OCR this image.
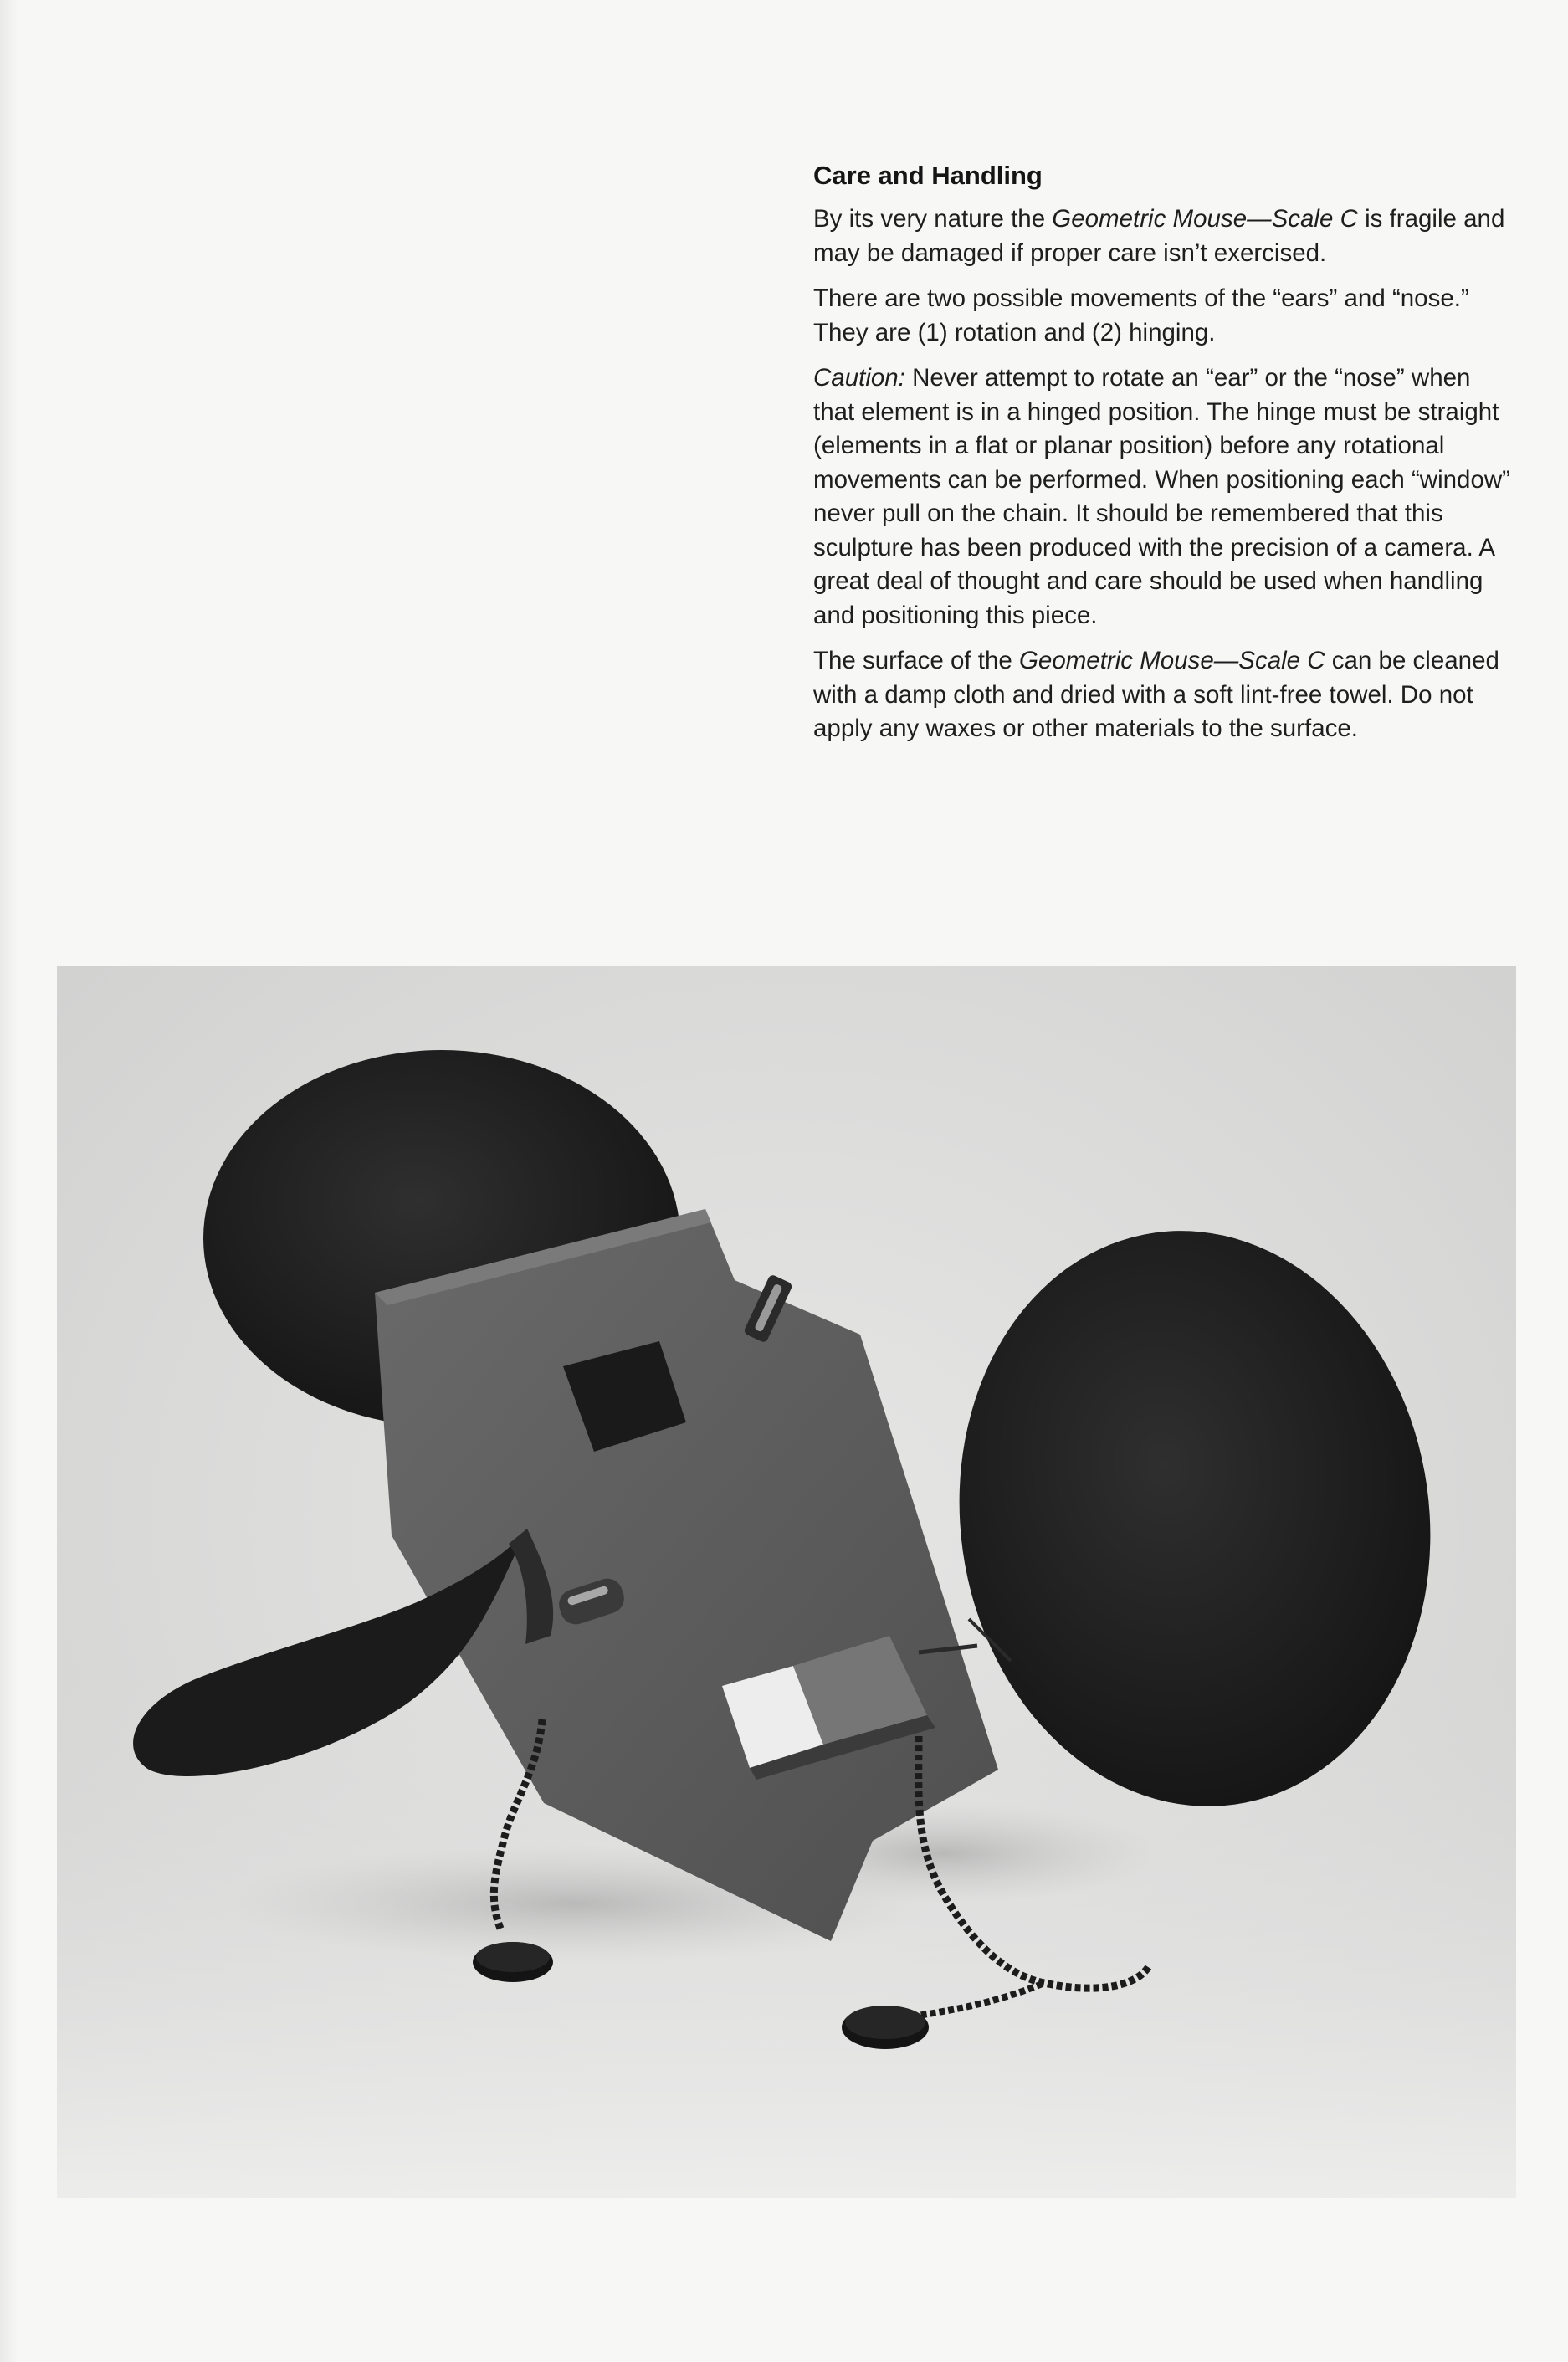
Care and Handling

By its very nature the Geometric Mouse—Scale C is fragile and may be damaged if proper care isn’t exercised.

There are two possible movements of the “ears” and “nose.” They are (1) rotation and (2) hinging.

Caution: Never attempt to rotate an “ear” or the “nose” when that element is in a hinged position. The hinge must be straight (elements in a flat or planar position) before any rotational movements can be performed. When positioning each “window” never pull on the chain. It should be remembered that this sculpture has been produced with the precision of a camera. A great deal of thought and care should be used when handling and positioning this piece.

The surface of the Geometric Mouse—Scale C can be cleaned with a damp cloth and dried with a soft lint-free towel. Do not apply any waxes or other materials to the surface.
